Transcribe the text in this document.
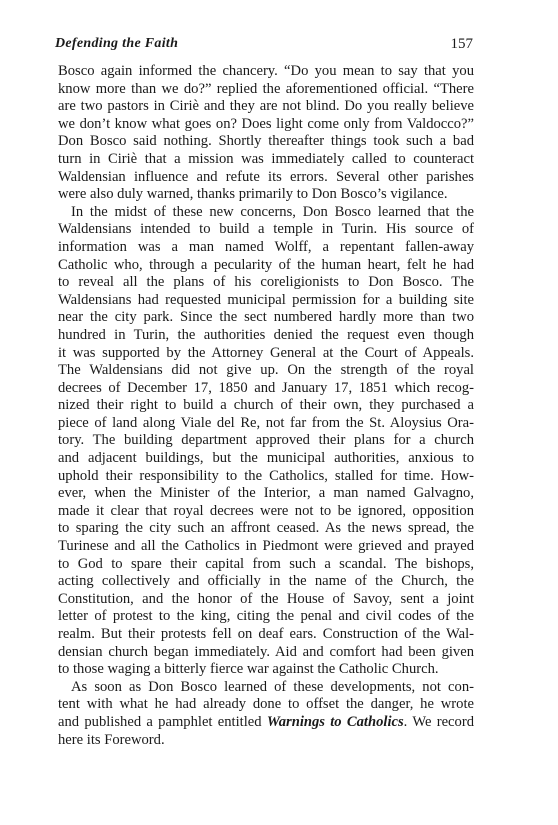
Defending the Faith	157
Bosco again informed the chancery. “Do you mean to say that you
know more than we do?” replied the aforementioned official. “There
are two pastors in Ciriè and they are not blind. Do you really believe
we don’t know what goes on? Does light come only from Valdocco?”
Don Bosco said nothing. Shortly thereafter things took such a bad
turn in Ciriè that a mission was immediately called to counteract
Waldensian influence and refute its errors. Several other parishes
were also duly warned, thanks primarily to Don Bosco’s vigilance.
In the midst of these new concerns, Don Bosco learned that the
Waldensians intended to build a temple in Turin. His source of
information was a man named Wolff, a repentant fallen-away
Catholic who, through a pecularity of the human heart, felt he had
to reveal all the plans of his coreligionists to Don Bosco. The
Waldensians had requested municipal permission for a building site
near the city park. Since the sect numbered hardly more than two
hundred in Turin, the authorities denied the request even though
it was supported by the Attorney General at the Court of Appeals.
The Waldensians did not give up. On the strength of the royal
decrees of December 17, 1850 and January 17, 1851 which recog-
nized their right to build a church of their own, they purchased a
piece of land along Viale del Re, not far from the St. Aloysius Ora-
tory. The building department approved their plans for a church
and adjacent buildings, but the municipal authorities, anxious to
uphold their responsibility to the Catholics, stalled for time. How-
ever, when the Minister of the Interior, a man named Galvagno,
made it clear that royal decrees were not to be ignored, opposition
to sparing the city such an affront ceased. As the news spread, the
Turinese and all the Catholics in Piedmont were grieved and prayed
to God to spare their capital from such a scandal. The bishops,
acting collectively and officially in the name of the Church, the
Constitution, and the honor of the House of Savoy, sent a joint
letter of protest to the king, citing the penal and civil codes of the
realm. But their protests fell on deaf ears. Construction of the Wal-
densian church began immediately. Aid and comfort had been given
to those waging a bitterly fierce war against the Catholic Church.
As soon as Don Bosco learned of these developments, not con-
tent with what he had already done to offset the danger, he wrote
and published a pamphlet entitled Warnings to Catholics. We record
here its Foreword.
